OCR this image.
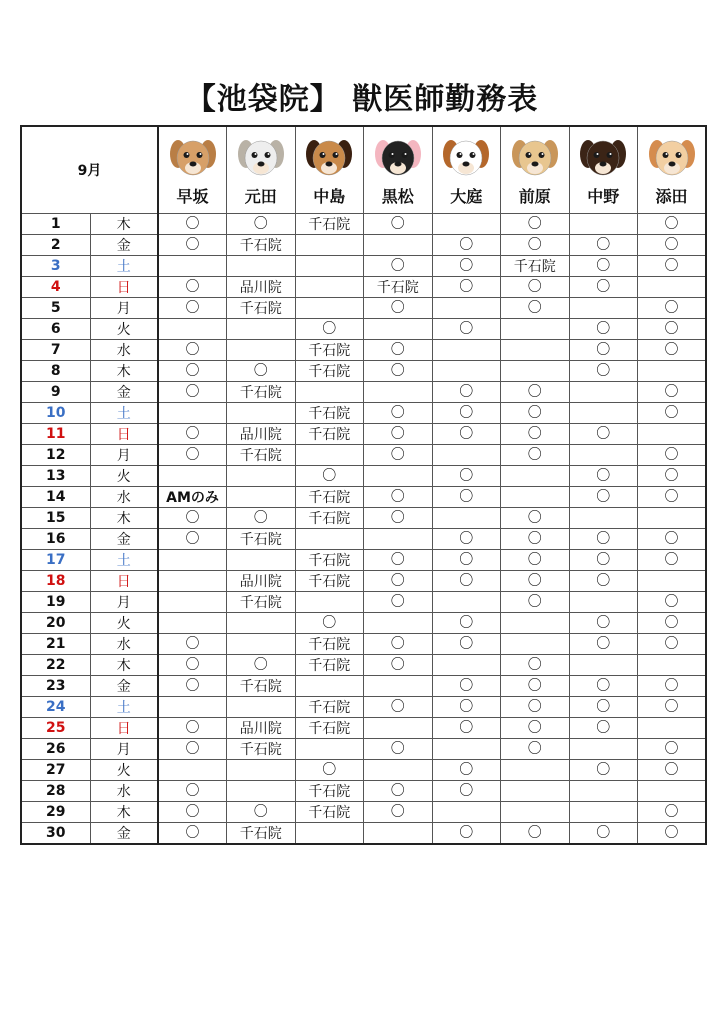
【池袋院】 獣医師勤務表
9月		早坂	元田	中島	黒松	大庭	前原	中野	添田

1	木	〇	〇	千石院	〇		〇		〇
2	金	〇	千石院			〇	〇	〇	〇
3	土				〇	〇	千石院	〇	〇
4	日	〇	品川院		千石院	〇	〇	〇	
5	月	〇	千石院		〇		〇		〇
6	火			〇		〇		〇	〇
7	水	〇		千石院	〇			〇	〇
8	木	〇	〇	千石院	〇			〇	
9	金	〇	千石院			〇	〇		〇
10	土			千石院	〇	〇	〇		〇
11	日	〇	品川院	千石院	〇	〇	〇	〇	
12	月	〇	千石院		〇		〇		〇
13	火			〇		〇		〇	〇
14	水	AMのみ		千石院	〇	〇		〇	〇
15	木	〇	〇	千石院	〇		〇		
16	金	〇	千石院			〇	〇	〇	〇
17	土			千石院	〇	〇	〇	〇	〇
18	日		品川院	千石院	〇	〇	〇	〇	
19	月		千石院		〇		〇		〇
20	火			〇		〇		〇	〇
21	水	〇		千石院	〇	〇		〇	〇
22	木	〇	〇	千石院	〇		〇		
23	金	〇	千石院			〇	〇	〇	〇
24	土			千石院	〇	〇	〇	〇	〇
25	日	〇	品川院	千石院		〇	〇	〇	
26	月	〇	千石院		〇		〇		〇
27	火			〇		〇		〇	〇
28	水	〇		千石院	〇	〇			
29	木	〇	〇	千石院	〇				〇
30	金	〇	千石院			〇	〇	〇	〇
